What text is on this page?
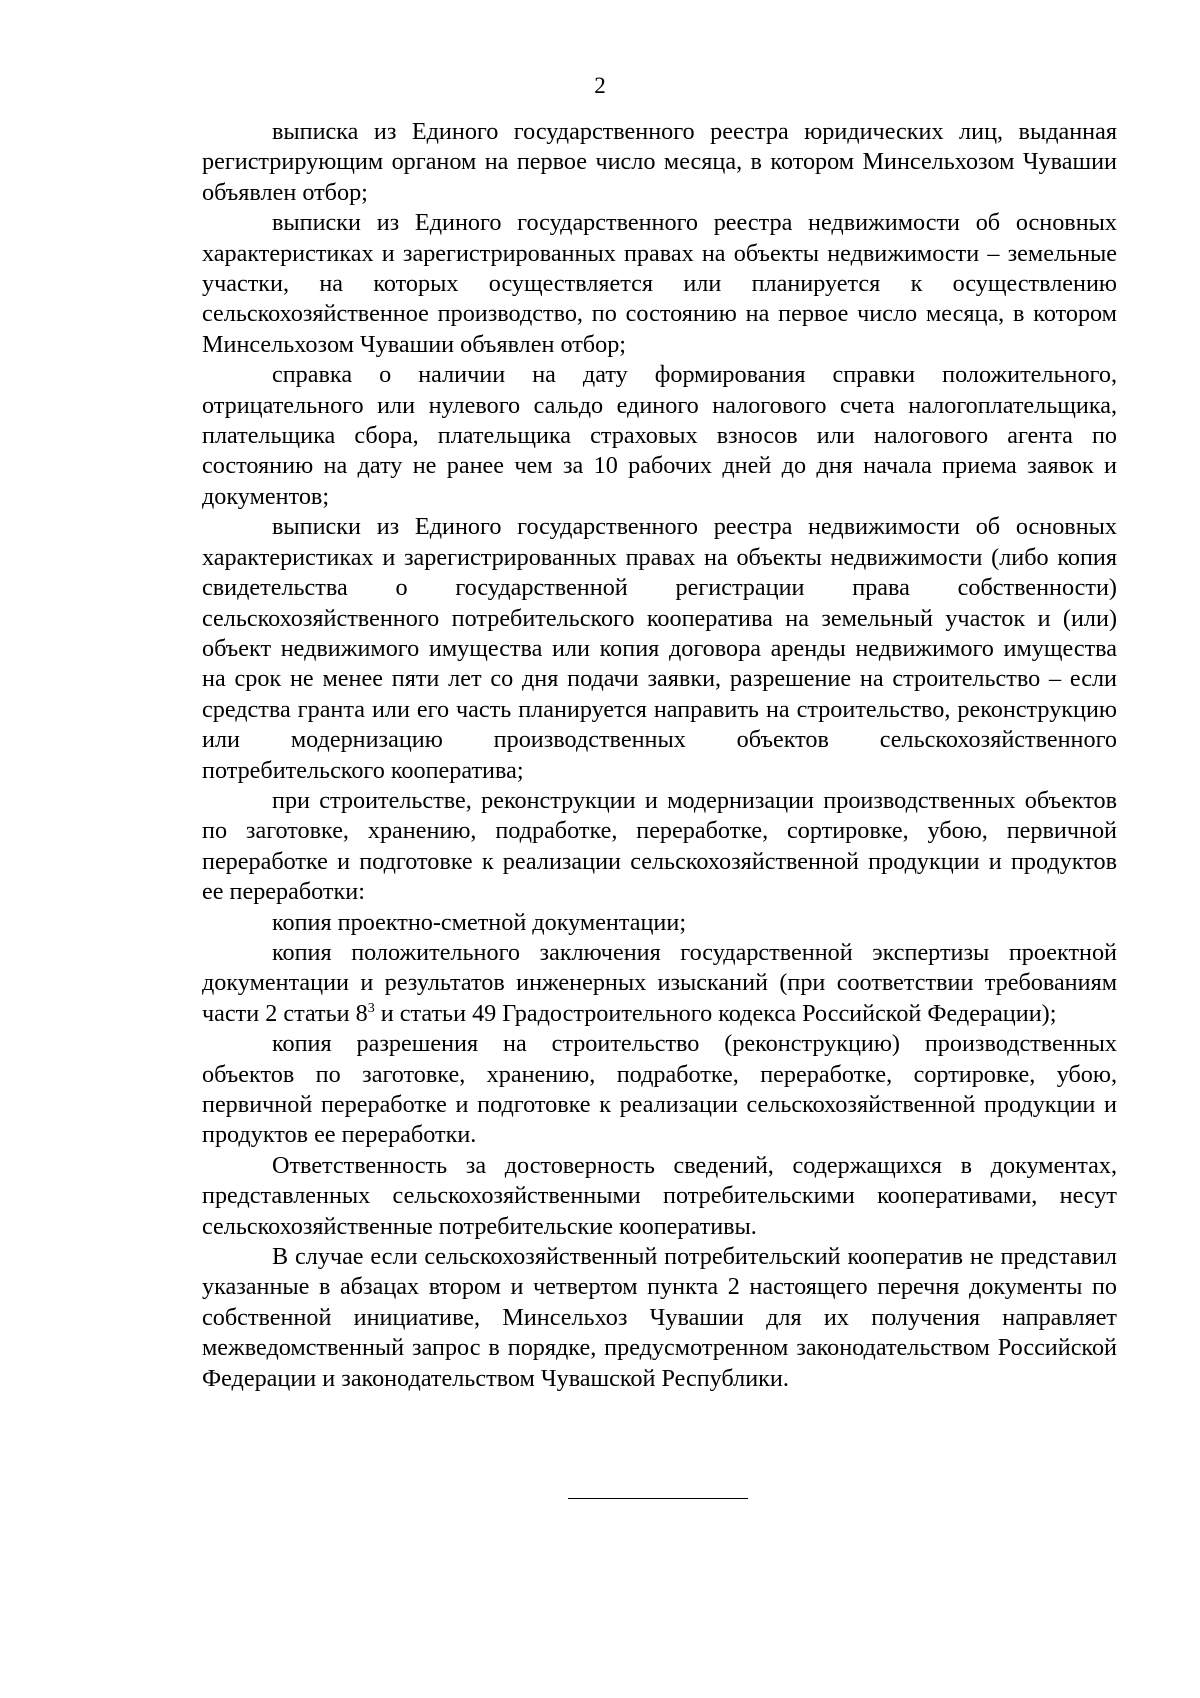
2

выписка из Единого государственного реестра юридических лиц, выданная регистрирующим органом на первое число месяца, в котором Минсельхозом Чувашии объявлен отбор;

выписки из Единого государственного реестра недвижимости об основных характеристиках и зарегистрированных правах на объекты недвижимости – земельные участки, на которых осуществляется или планируется к осуществлению сельскохозяйственное производство, по состоянию на первое число месяца, в котором Минсельхозом Чувашии объявлен отбор;

справка о наличии на дату формирования справки положительного, отрицательного или нулевого сальдо единого налогового счета налогоплательщика, плательщика сбора, плательщика страховых взносов или налогового агента по состоянию на дату не ранее чем за 10 рабочих дней до дня начала приема заявок и документов;

выписки из Единого государственного реестра недвижимости об основных характеристиках и зарегистрированных правах на объекты недвижимости (либо копия свидетельства о государственной регистрации права собственности) сельскохозяйственного потребительского кооператива на земельный участок и (или) объект недвижимого имущества или копия договора аренды недвижимого имущества на срок не менее пяти лет со дня подачи заявки, разрешение на строительство – если средства гранта или его часть планируется направить на строительство, реконструкцию или модернизацию производственных объектов сельскохозяйственного потребительского кооператива;

при строительстве, реконструкции и модернизации производственных объектов по заготовке, хранению, подработке, переработке, сортировке, убою, первичной переработке и подготовке к реализации сельскохозяйственной продукции и продуктов ее переработки:

копия проектно-сметной документации;

копия положительного заключения государственной экспертизы проектной документации и результатов инженерных изысканий (при соответствии требованиям части 2 статьи $8^3$ и статьи 49 Градостроительного кодекса Российской Федерации);

копия разрешения на строительство (реконструкцию) производственных объектов по заготовке, хранению, подработке, переработке, сортировке, убою, первичной переработке и подготовке к реализации сельскохозяйственной продукции и продуктов ее переработки.

Ответственность за достоверность сведений, содержащихся в документах, представленных сельскохозяйственными потребительскими кооперативами, несут сельскохозяйственные потребительские кооперативы.

В случае если сельскохозяйственный потребительский кооператив не представил указанные в абзацах втором и четвертом пункта 2 настоящего перечня документы по собственной инициативе, Минсельхоз Чувашии для их получения направляет межведомственный запрос в порядке, предусмотренном законодательством Российской Федерации и законодательством Чувашской Республики.
